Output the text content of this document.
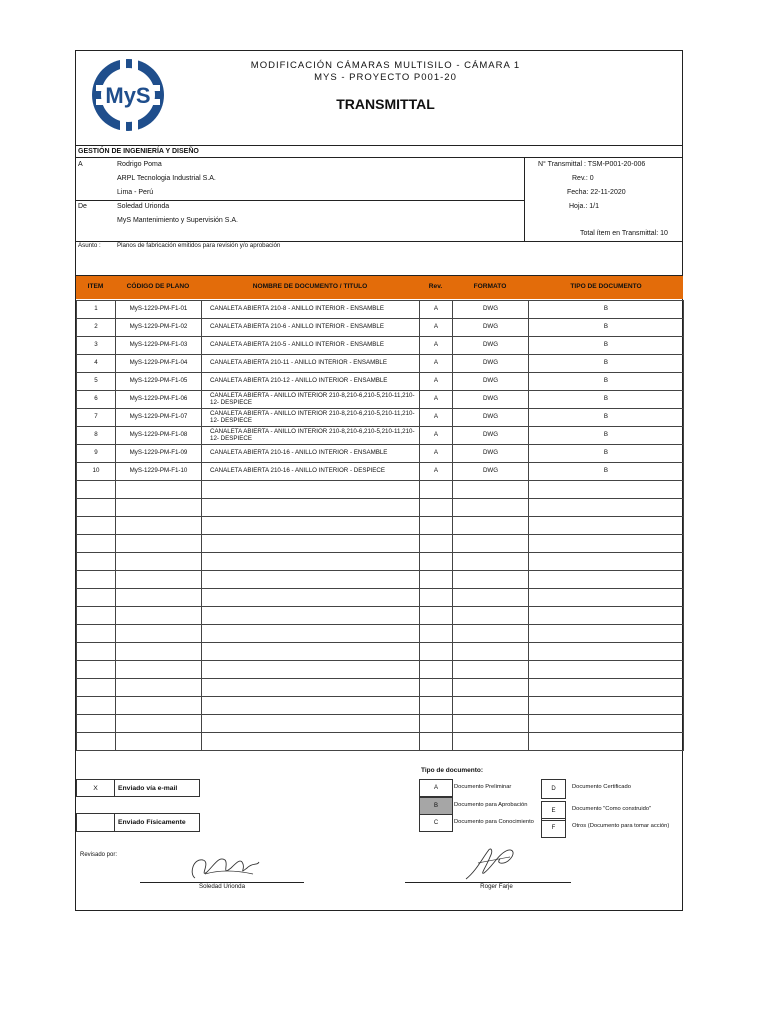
MyS
MODIFICACIÓN CÁMARAS MULTISILO - CÁMARA 1
MYS - PROYECTO P001-20
TRANSMITTAL
GESTIÓN DE INGENIERÍA Y DISEÑO
A	Rodrigo Poma
ARPL Tecnologia Industrial S.A.
Lima - Perú
De	Soledad Urionda
MyS Mantenimiento y Supervisión S.A.
N° Transmittal : TSM-P001-20-006
Rev.: 0
Fecha: 22-11-2020
Hoja.: 1/1
Total ítem en Transmittal: 10
Asunto :	Planos de fabricación emitidos para revisión y/o aprobación
ITEM	CÓDIGO DE PLANO	NOMBRE DE DOCUMENTO / TITULO	Rev.	FORMATO	TIPO DE DOCUMENTO
1	MyS-1229-PM-F1-01	CANALETA ABIERTA 210-8 - ANILLO INTERIOR - ENSAMBLE	A	DWG	B
2	MyS-1229-PM-F1-02	CANALETA ABIERTA 210-6 - ANILLO INTERIOR - ENSAMBLE	A	DWG	B
3	MyS-1229-PM-F1-03	CANALETA ABIERTA 210-5 - ANILLO INTERIOR - ENSAMBLE	A	DWG	B
4	MyS-1229-PM-F1-04	CANALETA ABIERTA 210-11 - ANILLO INTERIOR - ENSAMBLE	A	DWG	B
5	MyS-1229-PM-F1-05	CANALETA ABIERTA 210-12 - ANILLO INTERIOR - ENSAMBLE	A	DWG	B
6	MyS-1229-PM-F1-06	CANALETA ABIERTA - ANILLO INTERIOR 210-8,210-6,210-5,210-11,210-12- DESPIECE	A	DWG	B
7	MyS-1229-PM-F1-07	CANALETA ABIERTA - ANILLO INTERIOR 210-8,210-6,210-5,210-11,210-12- DESPIECE	A	DWG	B
8	MyS-1229-PM-F1-08	CANALETA ABIERTA - ANILLO INTERIOR 210-8,210-6,210-5,210-11,210-12- DESPIECE	A	DWG	B
9	MyS-1229-PM-F1-09	CANALETA ABIERTA 210-16 - ANILLO INTERIOR - ENSAMBLE	A	DWG	B
10	MyS-1229-PM-F1-10	CANALETA ABIERTA 210-16 - ANILLO INTERIOR - DESPIECE	A	DWG	B

X	Enviado vía e-mail
Enviado Físicamente
Tipo de documento:
A	Documento Preliminar
B	Documento para Aprobación
C	Documento para Conocimiento
D	Documento Certificado
E	Documento "Como construido"
F	Otros (Documento para tomar acción)
Revisado por:
Soledad Urionda	Roger Farje
